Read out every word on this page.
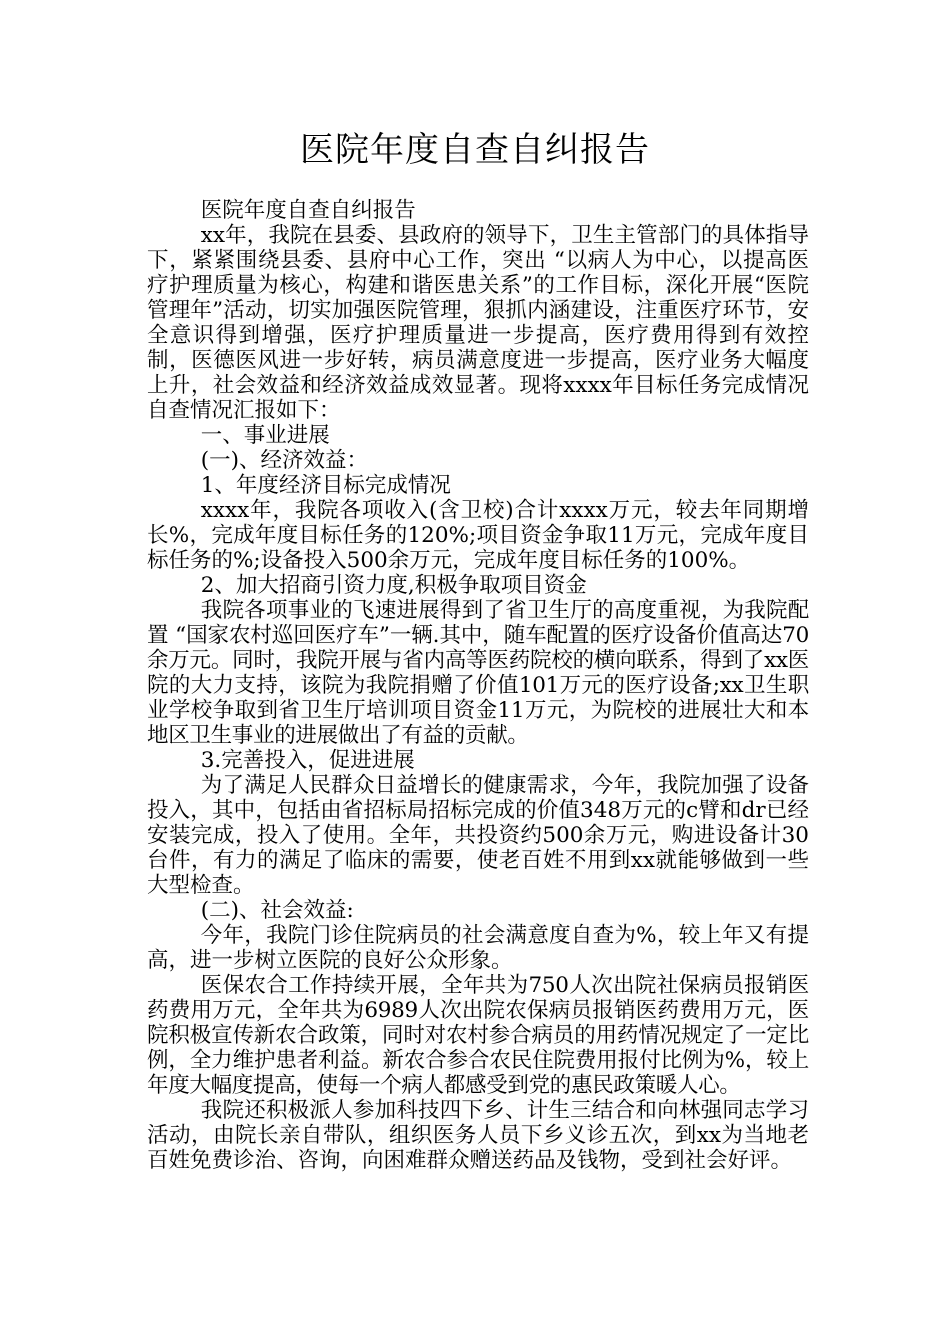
医院年度自查自纠报告

医院年度自查自纠报告

xx年，我院在县委、县政府的领导下，卫生主管部门的具体指导下，紧紧围绕县委、县府中心工作，突出 “以病人为中心，以提高医疗护理质量为核心，构建和谐医患关系”的工作目标，深化开展“医院管理年”活动，切实加强医院管理，狠抓内涵建设，注重医疗环节，安全意识得到增强，医疗护理质量进一步提高，医疗费用得到有效控制，医德医风进一步好转，病员满意度进一步提高，医疗业务大幅度上升，社会效益和经济效益成效显著。现将xxxx年目标任务完成情况自查情况汇报如下：

一、事业进展

(一)、经济效益：

1、年度经济目标完成情况

xxxx年，我院各项收入(含卫校)合计xxxx万元，较去年同期增长%，完成年度目标任务的120%;项目资金争取11万元，完成年度目标任务的%;设备投入500余万元，完成年度目标任务的100%。

2、加大招商引资力度,积极争取项目资金

我院各项事业的飞速进展得到了省卫生厅的高度重视，为我院配置 “国家农村巡回医疗车”一辆.其中，随车配置的医疗设备价值高达70余万元。同时，我院开展与省内高等医药院校的横向联系，得到了xx医院的大力支持，该院为我院捐赠了价值101万元的医疗设备;xx卫生职业学校争取到省卫生厅培训项目资金11万元，为院校的进展壮大和本地区卫生事业的进展做出了有益的贡献。

3.完善投入，促进进展

为了满足人民群众日益增长的健康需求，今年，我院加强了设备投入，其中，包括由省招标局招标完成的价值348万元的c臂和dr已经安装完成，投入了使用。全年，共投资约500余万元，购进设备计30台件，有力的满足了临床的需要，使老百姓不用到xx就能够做到一些大型检查。

(二)、社会效益:

今年，我院门诊住院病员的社会满意度自查为%，较上年又有提高，进一步树立医院的良好公众形象。

医保农合工作持续开展，全年共为750人次出院社保病员报销医药费用万元，全年共为6989人次出院农保病员报销医药费用万元，医院积极宣传新农合政策，同时对农村参合病员的用药情况规定了一定比例，全力维护患者利益。新农合参合农民住院费用报付比例为%，较上年度大幅度提高，使每一个病人都感受到党的惠民政策暖人心。

我院还积极派人参加科技四下乡、计生三结合和向林强同志学习活动，由院长亲自带队，组织医务人员下乡义诊五次，到xx为当地老百姓免费诊治、咨询，向困难群众赠送药品及钱物，受到社会好评。
